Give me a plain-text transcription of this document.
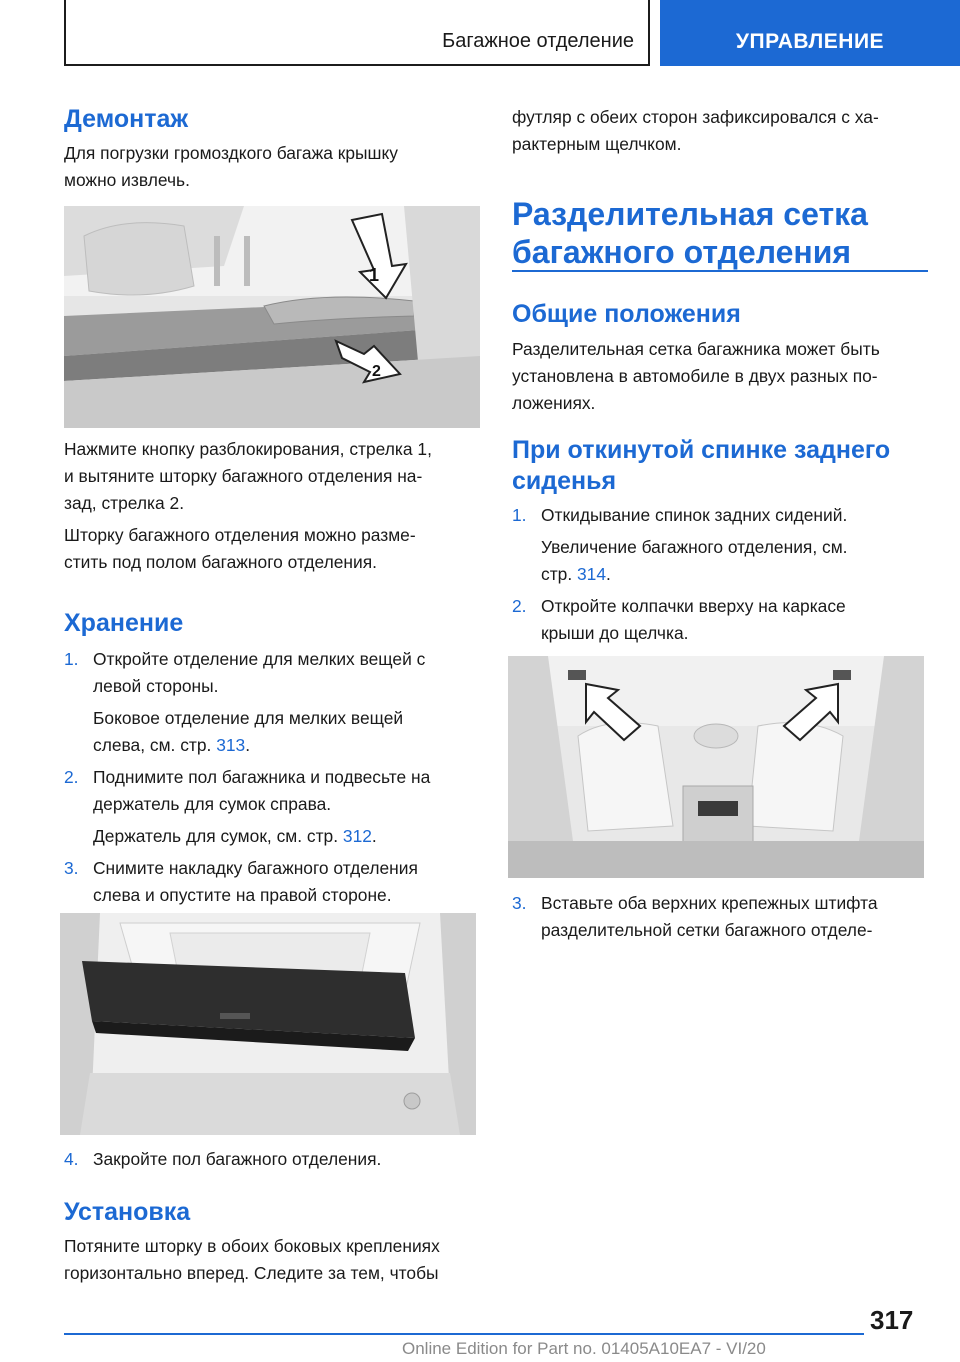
Багажное отделение	УПРАВЛЕНИЕ
Демонтаж
Для погрузки громоздкого багажа крышку
можно извлечь.
1
2
Нажмите кнопку разблокирования, стрелка 1,
и вытяните шторку багажного отделения на-
зад, стрелка 2.
Шторку багажного отделения можно разме-
стить под полом багажного отделения.
Хранение
1. Откройте отделение для мелких вещей с
левой стороны.
Боковое отделение для мелких вещей
слева, см. стр. 313.
2. Поднимите пол багажника и подвесьте на
держатель для сумок справа.
Держатель для сумок, см. стр. 312.
3. Снимите накладку багажного отделения
слева и опустите на правой стороне.
4. Закройте пол багажного отделения.
Установка
Потяните шторку в обоих боковых креплениях
горизонтально вперед. Следите за тем, чтобы
футляр с обеих сторон зафиксировался с ха-
рактерным щелчком.
Разделительная сетка
багажного отделения
Общие положения
Разделительная сетка багажника может быть
установлена в автомобиле в двух разных по-
ложениях.
При откинутой спинке заднего
сиденья
1. Откидывание спинок задних сидений.
Увеличение багажного отделения, см.
стр. 314.
2. Откройте колпачки вверху на каркасе
крыши до щелчка.
3. Вставьте оба верхних крепежных штифта
разделительной сетки багажного отделе-
317
Online Edition for Part no. 01405A10EA7 - VI/20
